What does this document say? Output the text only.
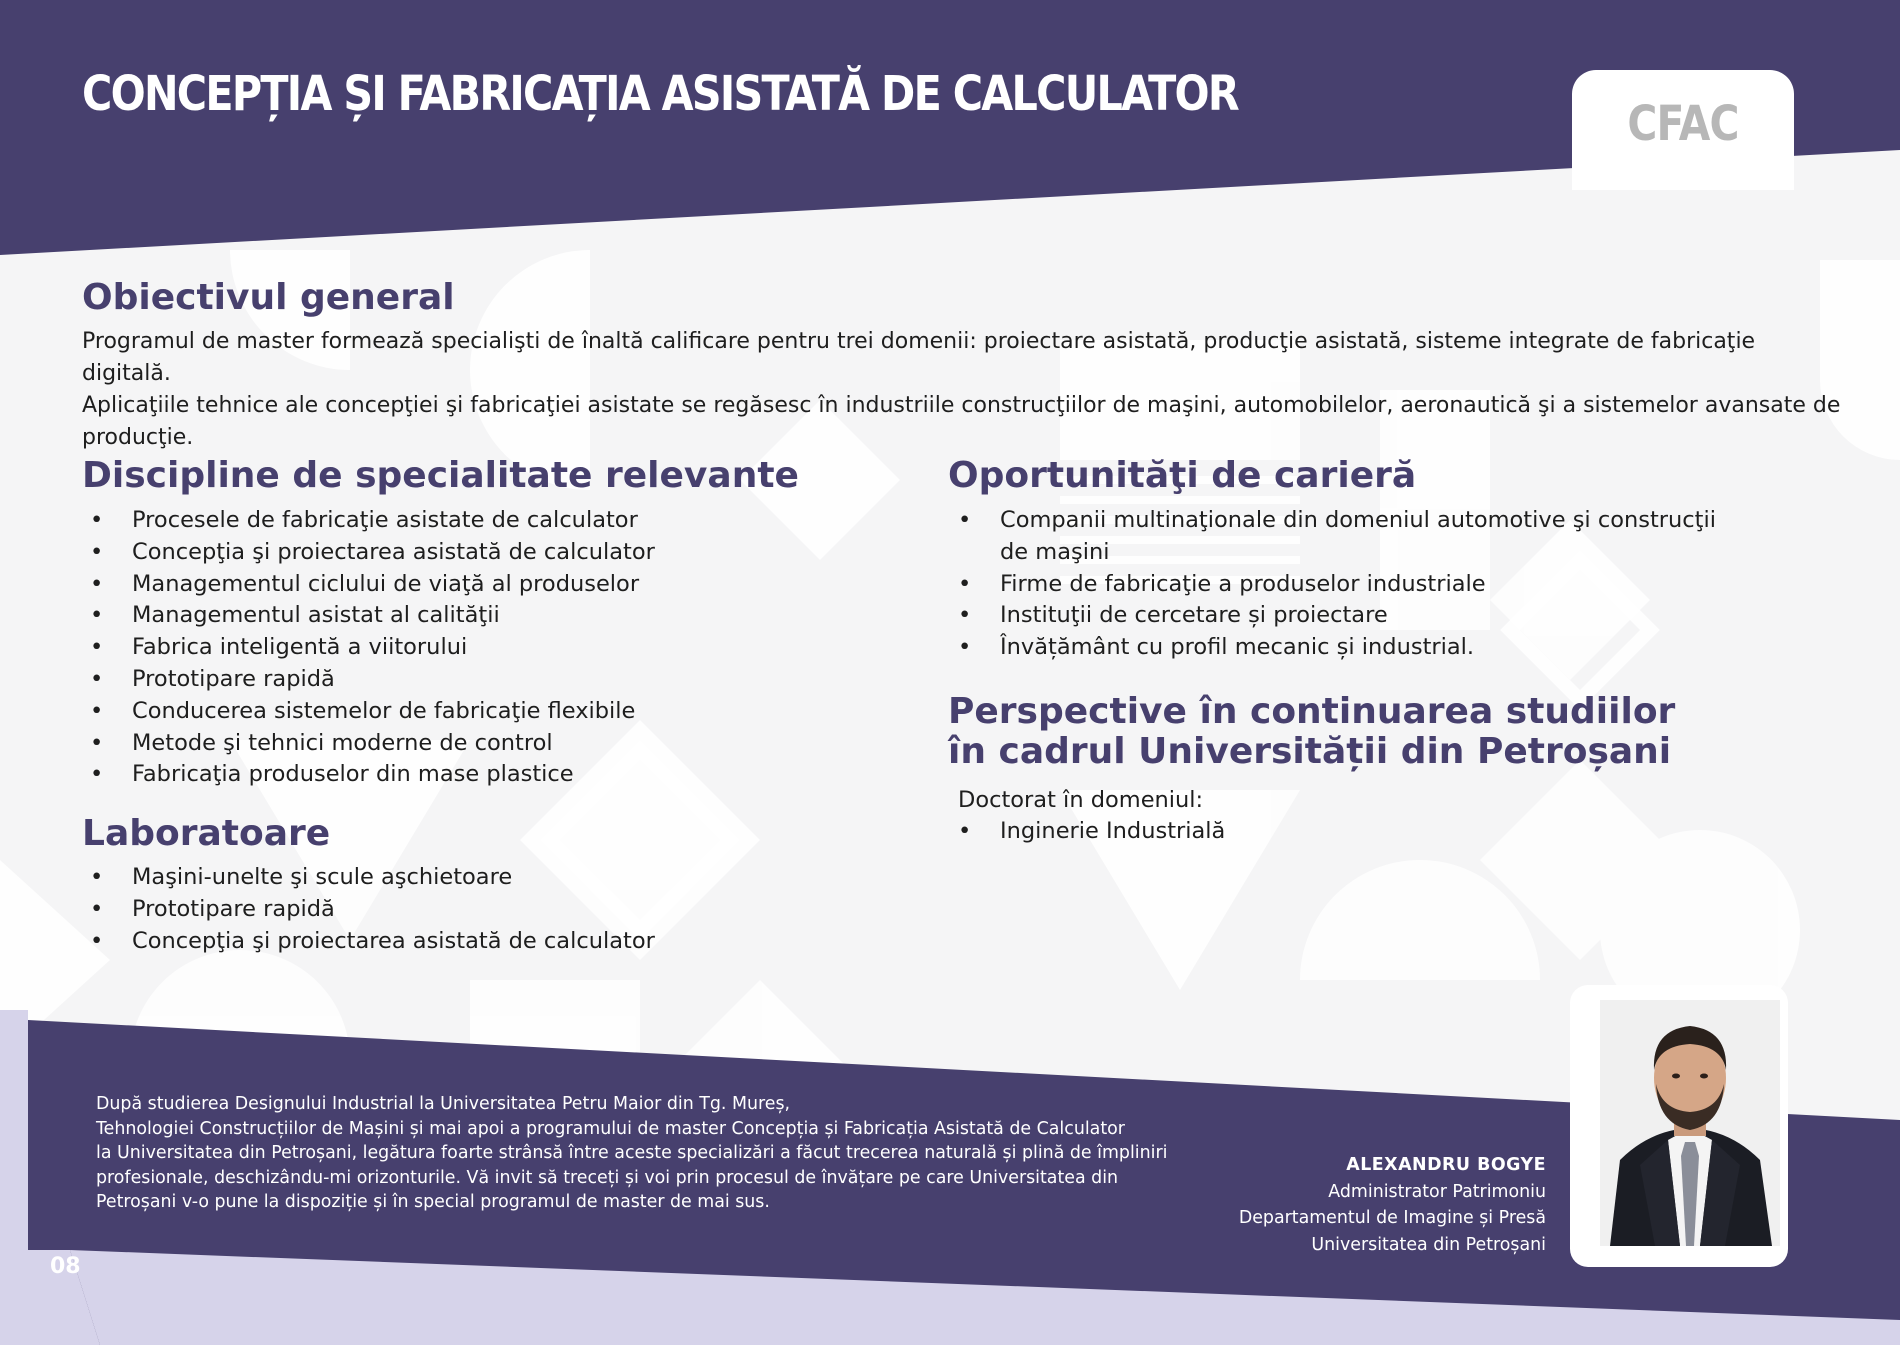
CONCEPȚIA ȘI FABRICAȚIA ASISTATĂ DE CALCULATOR
CFAC
Obiectivul general
Programul de master formează specialişti de înaltă calificare pentru trei domenii: proiectare asistată, producţie asistată, sisteme integrate de fabricaţie digitală.
Aplicaţiile tehnice ale concepţiei şi fabricaţiei asistate se regăsesc în industriile construcţiilor de maşini, automobilelor, aeronautică şi a sistemelor avansate de
producţie.
Discipline de specialitate relevante
• Procesele de fabricaţie asistate de calculator
• Concepţia şi proiectarea asistată de calculator
• Managementul ciclului de viaţă al produselor
• Managementul asistat al calităţii
• Fabrica inteligentă a viitorului
• Prototipare rapidă
• Conducerea sistemelor de fabricaţie flexibile
• Metode şi tehnici moderne de control
• Fabricaţia produselor din mase plastice
Laboratoare
• Maşini-unelte şi scule aşchietoare
• Prototipare rapidă
• Concepţia şi proiectarea asistată de calculator
Oportunităţi de carieră
• Companii multinaţionale din domeniul automotive şi construcţii de maşini
• Firme de fabricaţie a produselor industriale
• Instituţii de cercetare și proiectare
• Învățământ cu profil mecanic și industrial.
Perspective în continuarea studiilor
în cadrul Universității din Petroșani
Doctorat în domeniul:
• Inginerie Industrială
După studierea Designului Industrial la Universitatea Petru Maior din Tg. Mureș,
Tehnologiei Construcțiilor de Mașini și mai apoi a programului de master Concepția și Fabricația Asistată de Calculator
la Universitatea din Petroșani, legătura foarte strânsă între aceste specializări a făcut trecerea naturală și plină de împliniri
profesionale, deschizându-mi orizonturile. Vă invit să treceți și voi prin procesul de învățare pe care Universitatea din
Petroșani v-o pune la dispoziție și în special programul de master de mai sus.
ALEXANDRU BOGYE
Administrator Patrimoniu
Departamentul de Imagine și Presă
Universitatea din Petroșani
08
